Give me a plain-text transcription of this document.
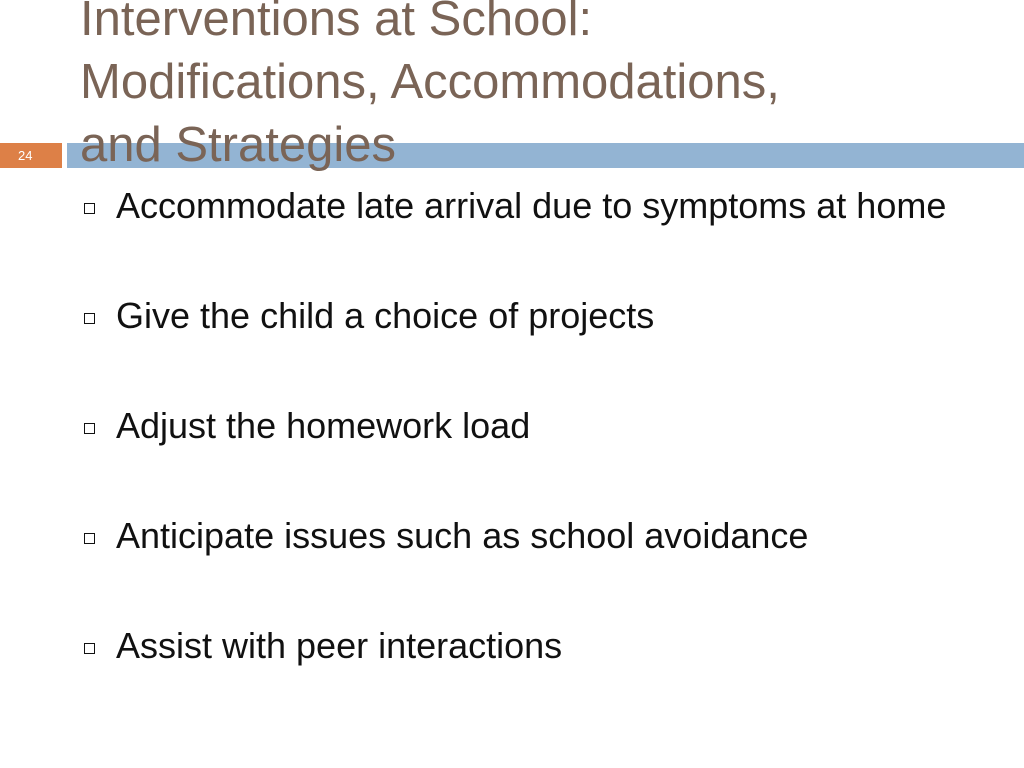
24
Interventions at School:
Modifications, Accommodations,
and Strategies
Accommodate late arrival due to symptoms at home
Give the child a choice of projects
Adjust the homework load
Anticipate issues such as school avoidance
Assist with peer interactions
